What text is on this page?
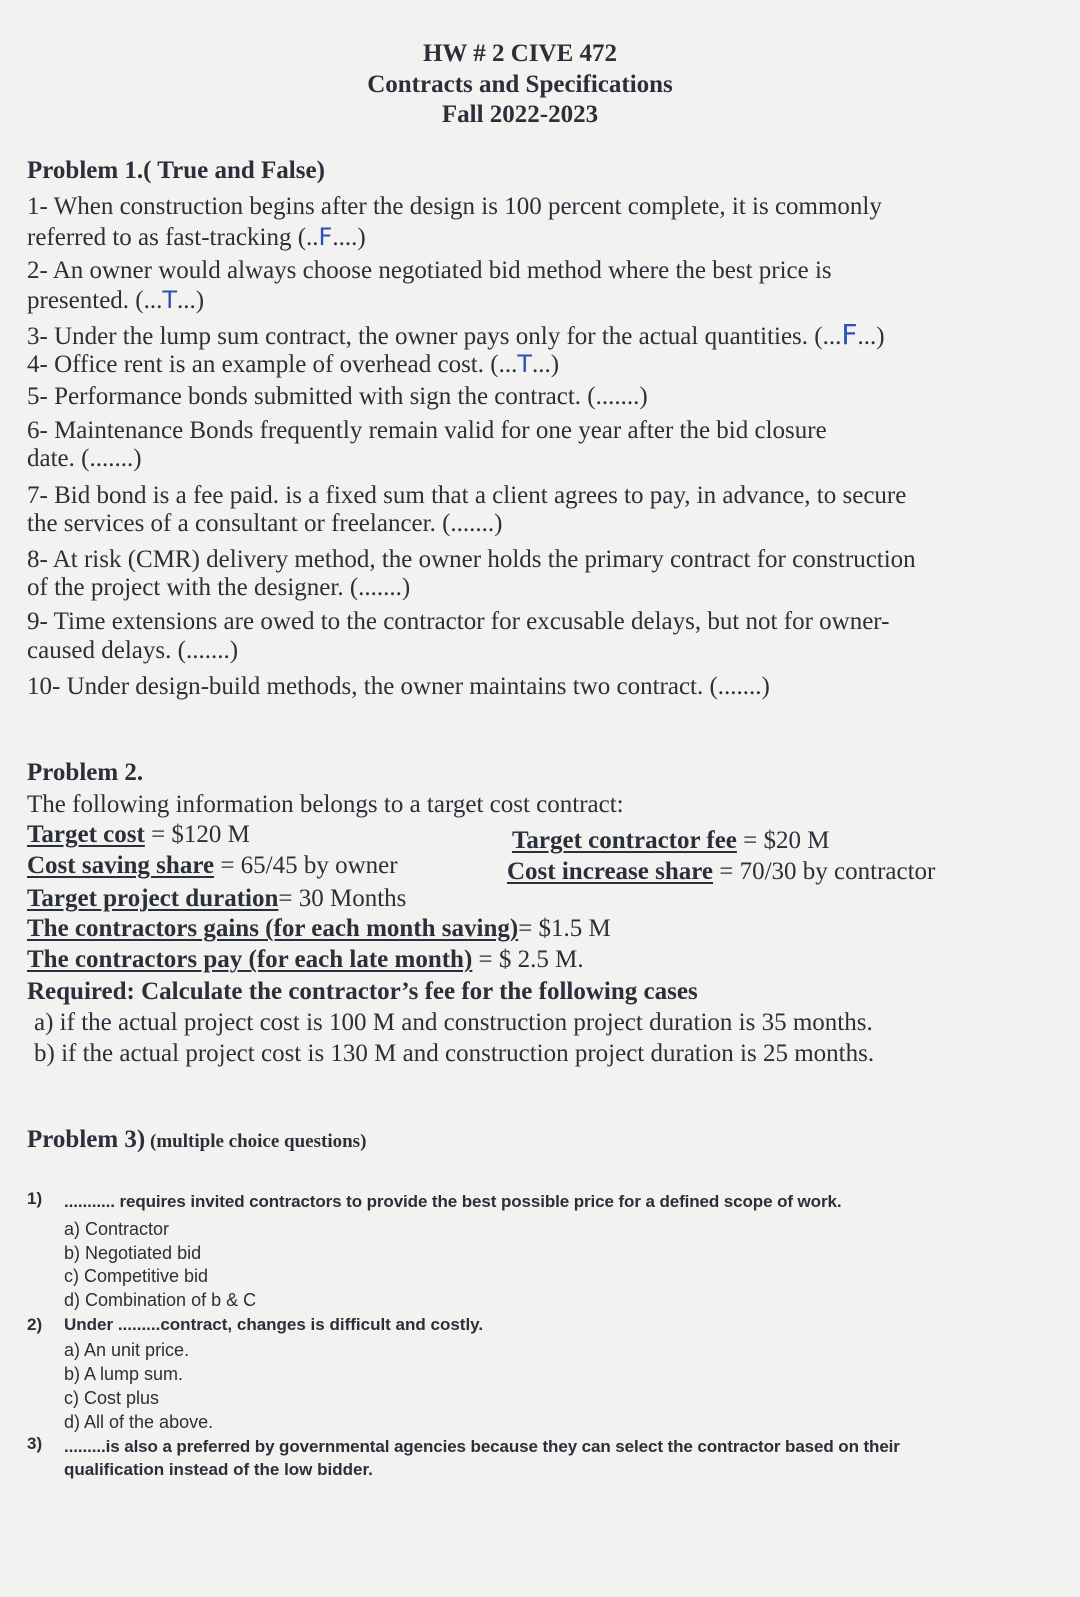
HW # 2 CIVE 472
Contracts and Specifications
Fall 2022-2023
Problem 1.( True and False)
1- When construction begins after the design is 100 percent complete, it is commonly
referred to as fast-tracking (..F....)
2- An owner would always choose negotiated bid method where the best price is
presented. (...T...)
3- Under the lump sum contract, the owner pays only for the actual quantities. (...F...)
4- Office rent is an example of overhead cost. (...T...)
5- Performance bonds submitted with sign the contract. (.......)
6- Maintenance Bonds frequently remain valid for one year after the bid closure
date. (.......)
7- Bid bond is a fee paid. is a fixed sum that a client agrees to pay, in advance, to secure
the services of a consultant or freelancer. (.......)
8- At risk (CMR) delivery method, the owner holds the primary contract for construction
of the project with the designer. (.......)
9- Time extensions are owed to the contractor for excusable delays, but not for owner-
caused delays. (.......)
10- Under design-build methods, the owner maintains two contract. (.......)
Problem 2.
The following information belongs to a target cost contract:
Target cost = $120 M	Target contractor fee = $20 M
Cost saving share = 65/45 by owner	Cost increase share = 70/30 by contractor
Target project duration= 30 Months
The contractors gains (for each month saving)= $1.5 M
The contractors pay (for each late month) = $ 2.5 M.
Required: Calculate the contractor’s fee for the following cases
a) if the actual project cost is 100 M and construction project duration is 35 months.
b) if the actual project cost is 130 M and construction project duration is 25 months.
Problem 3) (multiple choice questions)
1) ........... requires invited contractors to provide the best possible price for a defined scope of work.
a) Contractor
b) Negotiated bid
c) Competitive bid
d) Combination of b & C
2) Under .........contract, changes is difficult and costly.
a) An unit price.
b) A lump sum.
c) Cost plus
d) All of the above.
3) .........is also a preferred by governmental agencies because they can select the contractor based on their
qualification instead of the low bidder.
